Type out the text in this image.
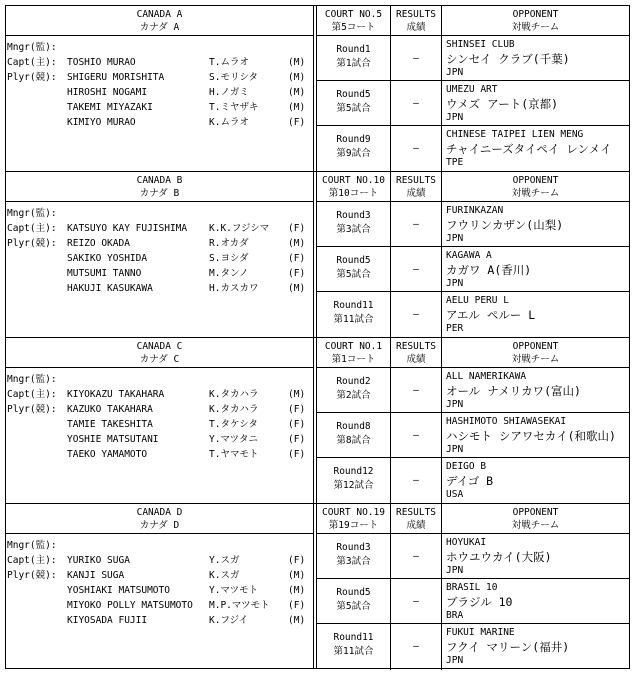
CANADA A
カナダ A
Mngr(監):
Capt(主): TOSHIO MURAO	T.ムラオ	(M)
Plyr(競): SHIGERU MORISHITA	S.モリシタ	(M)
HIROSHI NOGAMI	H.ノガミ	(M)
TAKEMI MIYAZAKI	T.ミヤザキ	(M)
KIMIYO MURAO	K.ムラオ	(F)
COURT NO.5
第5コート
RESULTS
成績
OPPONENT
対戦チーム
Round1
第1試合	—
SHINSEI CLUB
シンセイ クラブ(千葉)
JPN
Round5
第5試合	—
UMEZU ART
ウメズ アート(京都)
JPN
Round9
第9試合	—
CHINESE TAIPEI LIEN MENG
チャイニーズタイペイ レンメイ
TPE
CANADA B
カナダ B
Mngr(監):
Capt(主): KATSUYO KAY FUJISHIMA K.K.フジシマ (F)
Plyr(競): REIZO OKADA	R.オカダ	(M)
SAKIKO YOSHIDA	S.ヨシダ	(F)
MUTSUMI TANNO	M.タンノ	(F)
HAKUJI KASUKAWA	H.カスカワ	(M)
COURT NO.10
第10コート
RESULTS
成績
OPPONENT
対戦チーム
Round3
第3試合	—
FURINKAZAN
フウリンカザン(山梨)
JPN
Round5
第5試合	—
KAGAWA A
カガワ A(香川)
JPN
Round11
第11試合	—
AELU PERU L
アエル ペルー L
PER
CANADA C
カナダ C
Mngr(監):
Capt(主): KIYOKAZU TAKAHARA	K.タカハラ	(M)
Plyr(競): KAZUKO TAKAHARA	K.タカハラ	(F)
TAMIE TAKESHITA	T.タケシタ	(F)
YOSHIE MATSUTANI	Y.マツタニ	(F)
TAEKO YAMAMOTO	T.ヤマモト	(F)
COURT NO.1
第1コート
RESULTS
成績
OPPONENT
対戦チーム
Round2
第2試合	—
ALL NAMERIKAWA
オール ナメリカワ(富山)
JPN
Round8
第8試合	—
HASHIMOTO SHIAWASEKAI
ハシモト シアワセカイ(和歌山)
JPN
Round12
第12試合	—
DEIGO B
デイゴ B
USA
CANADA D
カナダ D
Mngr(監):
Capt(主): YURIKO SUGA	Y.スガ	(F)
Plyr(競): KANJI SUGA	K.スガ	(M)
YOSHIAKI MATSUMOTO	Y.マツモト	(M)
MIYOKO POLLY MATSUMOTO M.P.マツモト (F)
KIYOSADA FUJII	K.フジイ	(M)
COURT NO.19
第19コート
RESULTS
成績
OPPONENT
対戦チーム
Round3
第3試合	—
HOYUKAI
ホウユウカイ(大阪)
JPN
Round5
第5試合	—
BRASIL 10
ブラジル 10
BRA
Round11
第11試合	—
FUKUI MARINE
フクイ マリーン(福井)
JPN
